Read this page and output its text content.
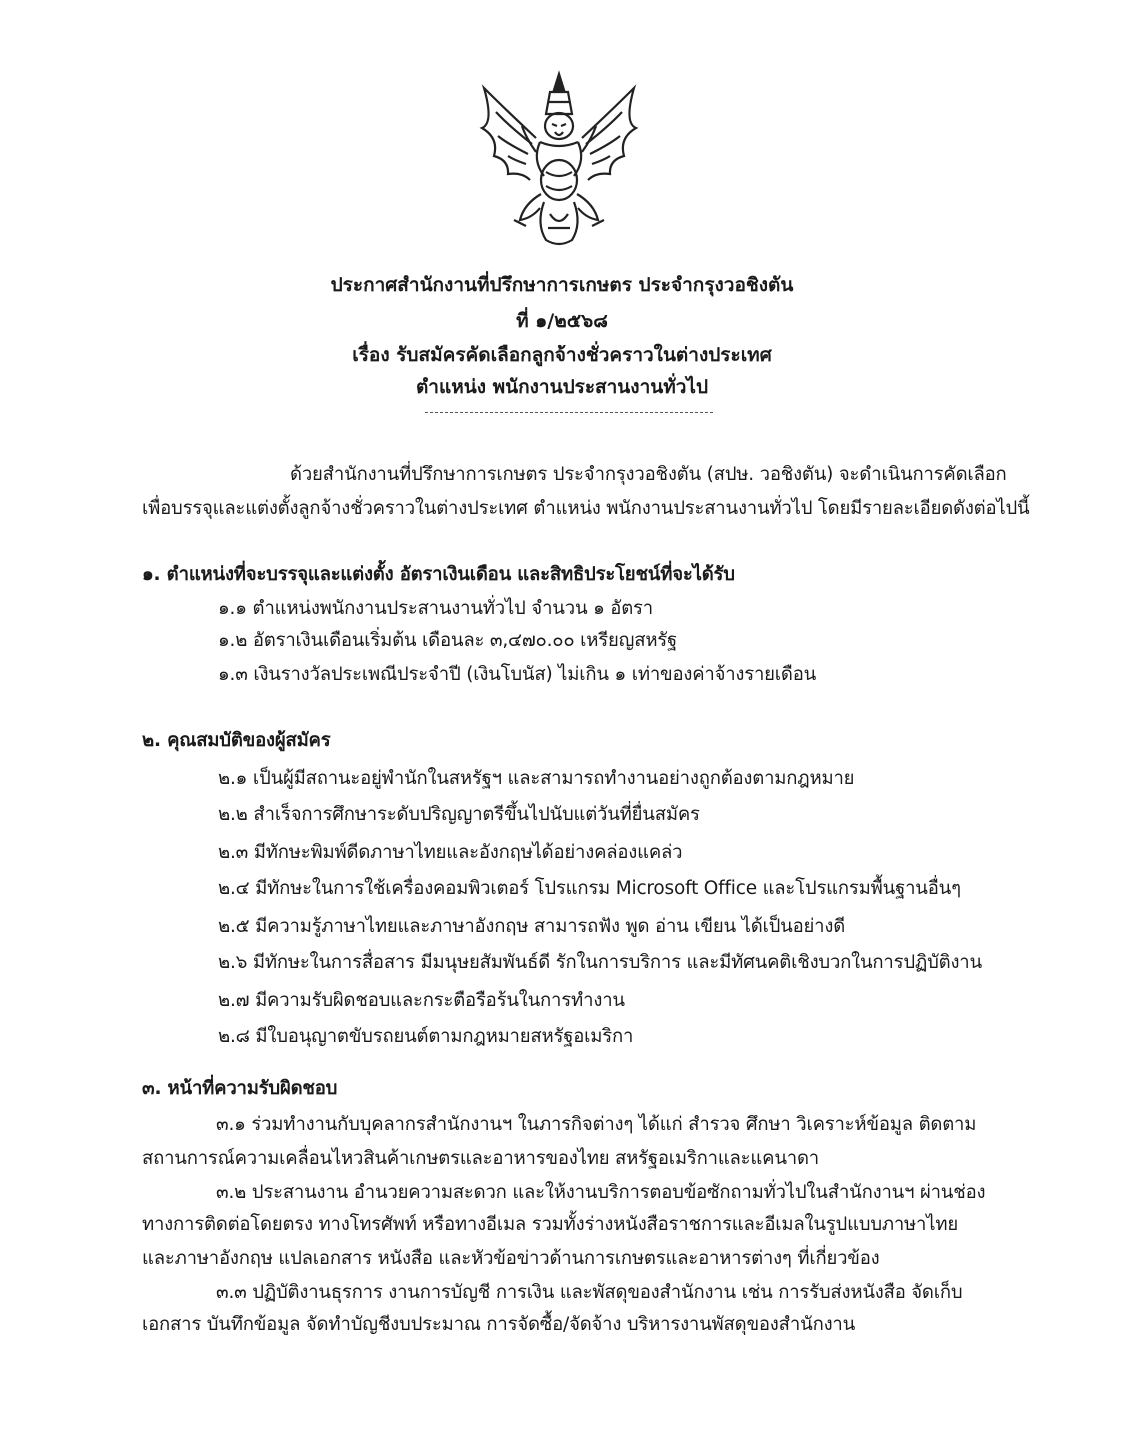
ประกาศสำนักงานที่ปรึกษาการเกษตร ประจำกรุงวอชิงตัน
ที่ ๑/๒๕๖๘
เรื่อง รับสมัครคัดเลือกลูกจ้างชั่วคราวในต่างประเทศ
ตำแหน่ง พนักงานประสานงานทั่วไป
ด้วยสำนักงานที่ปรึกษาการเกษตร ประจำกรุงวอชิงตัน (สปษ. วอชิงตัน) จะดำเนินการคัดเลือก
เพื่อบรรจุและแต่งตั้งลูกจ้างชั่วคราวในต่างประเทศ ตำแหน่ง พนักงานประสานงานทั่วไป โดยมีรายละเอียดดังต่อไปนี้
๑. ตำแหน่งที่จะบรรจุและแต่งตั้ง อัตราเงินเดือน และสิทธิประโยชน์ที่จะได้รับ
๑.๑ ตำแหน่งพนักงานประสานงานทั่วไป จำนวน ๑ อัตรา
๑.๒ อัตราเงินเดือนเริ่มต้น เดือนละ ๓,๔๗๐.๐๐ เหรียญสหรัฐ
๑.๓ เงินรางวัลประเพณีประจำปี (เงินโบนัส) ไม่เกิน ๑ เท่าของค่าจ้างรายเดือน
๒. คุณสมบัติของผู้สมัคร
๒.๑ เป็นผู้มีสถานะอยู่พำนักในสหรัฐฯ และสามารถทำงานอย่างถูกต้องตามกฎหมาย
๒.๒ สำเร็จการศึกษาระดับปริญญาตรีขึ้นไปนับแต่วันที่ยื่นสมัคร
๒.๓ มีทักษะพิมพ์ดีดภาษาไทยและอังกฤษได้อย่างคล่องแคล่ว
๒.๔ มีทักษะในการใช้เครื่องคอมพิวเตอร์ โปรแกรม Microsoft Office และโปรแกรมพื้นฐานอื่นๆ
๒.๕ มีความรู้ภาษาไทยและภาษาอังกฤษ สามารถฟัง พูด อ่าน เขียน ได้เป็นอย่างดี
๒.๖ มีทักษะในการสื่อสาร มีมนุษยสัมพันธ์ดี รักในการบริการ และมีทัศนคติเชิงบวกในการปฏิบัติงาน
๒.๗ มีความรับผิดชอบและกระตือรือร้นในการทำงาน
๒.๘ มีใบอนุญาตขับรถยนต์ตามกฎหมายสหรัฐอเมริกา
๓. หน้าที่ความรับผิดชอบ
๓.๑ ร่วมทำงานกับบุคลากรสำนักงานฯ ในภารกิจต่างๆ ได้แก่ สำรวจ ศึกษา วิเคราะห์ข้อมูล ติดตาม
สถานการณ์ความเคลื่อนไหวสินค้าเกษตรและอาหารของไทย สหรัฐอเมริกาและแคนาดา
๓.๒ ประสานงาน อำนวยความสะดวก และให้งานบริการตอบข้อซักถามทั่วไปในสำนักงานฯ ผ่านช่อง
ทางการติดต่อโดยตรง ทางโทรศัพท์ หรือทางอีเมล รวมทั้งร่างหนังสือราชการและอีเมลในรูปแบบภาษาไทย
และภาษาอังกฤษ แปลเอกสาร หนังสือ และหัวข้อข่าวด้านการเกษตรและอาหารต่างๆ ที่เกี่ยวข้อง
๓.๓ ปฏิบัติงานธุรการ งานการบัญชี การเงิน และพัสดุของสำนักงาน เช่น การรับส่งหนังสือ จัดเก็บ
เอกสาร บันทึกข้อมูล จัดทำบัญชีงบประมาณ การจัดซื้อ/จัดจ้าง บริหารงานพัสดุของสำนักงาน
